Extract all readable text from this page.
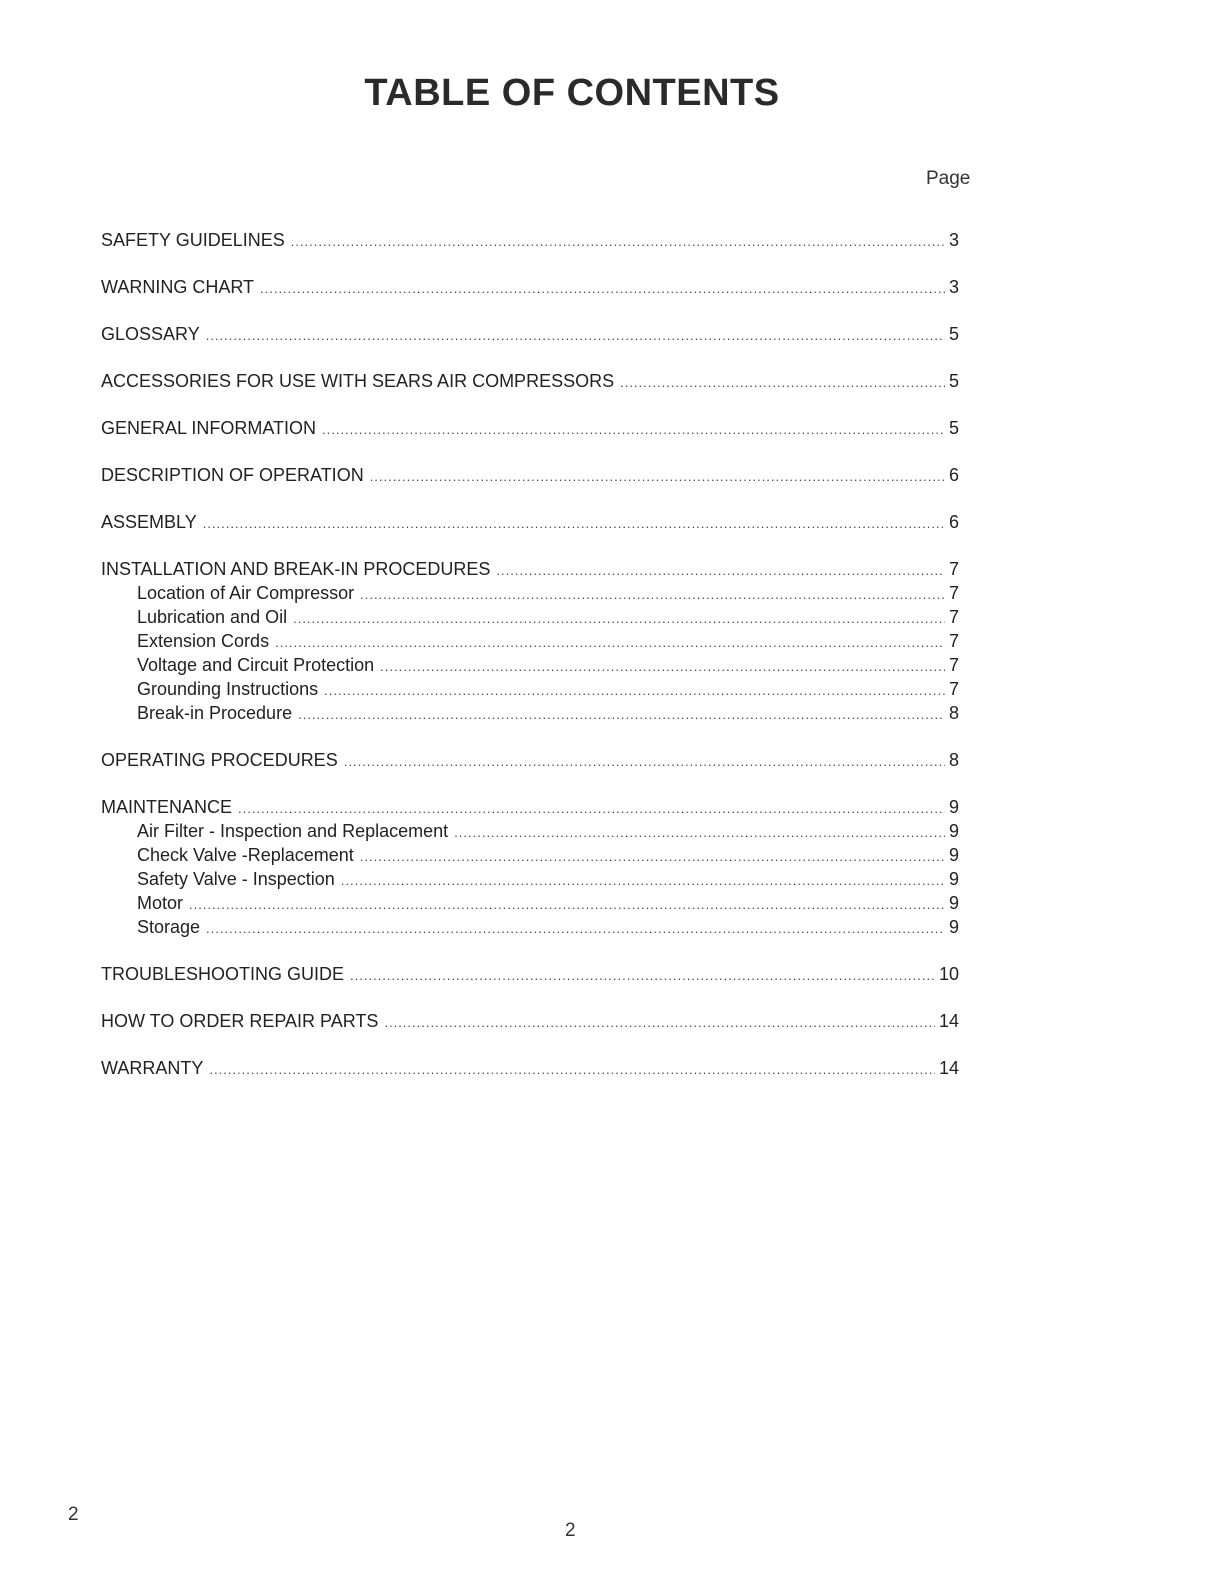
TABLE OF CONTENTS
Page
SAFETY GUIDELINES .....	3
WARNING CHART .....	3
GLOSSARY .....	5
ACCESSORIES FOR USE WITH SEARS AIR COMPRESSORS .....	5
GENERAL INFORMATION .....	5
DESCRIPTION OF OPERATION .....	6
ASSEMBLY .....	6
INSTALLATION AND BREAK-IN PROCEDURES .....	7
Location of Air Compressor .....	7
Lubrication and Oil .....	7
Extension Cords .....	7
Voltage and Circuit Protection .....	7
Grounding Instructions .....	7
Break-in Procedure .....	8
OPERATING PROCEDURES .....	8
MAINTENANCE .....	9
Air Filter - Inspection and Replacement .....	9
Check Valve -Replacement .....	9
Safety Valve - Inspection .....	9
Motor .....	9
Storage .....	9
TROUBLESHOOTING GUIDE .....	10
HOW TO ORDER REPAIR PARTS .....	14
WARRANTY .....	14
2
2
